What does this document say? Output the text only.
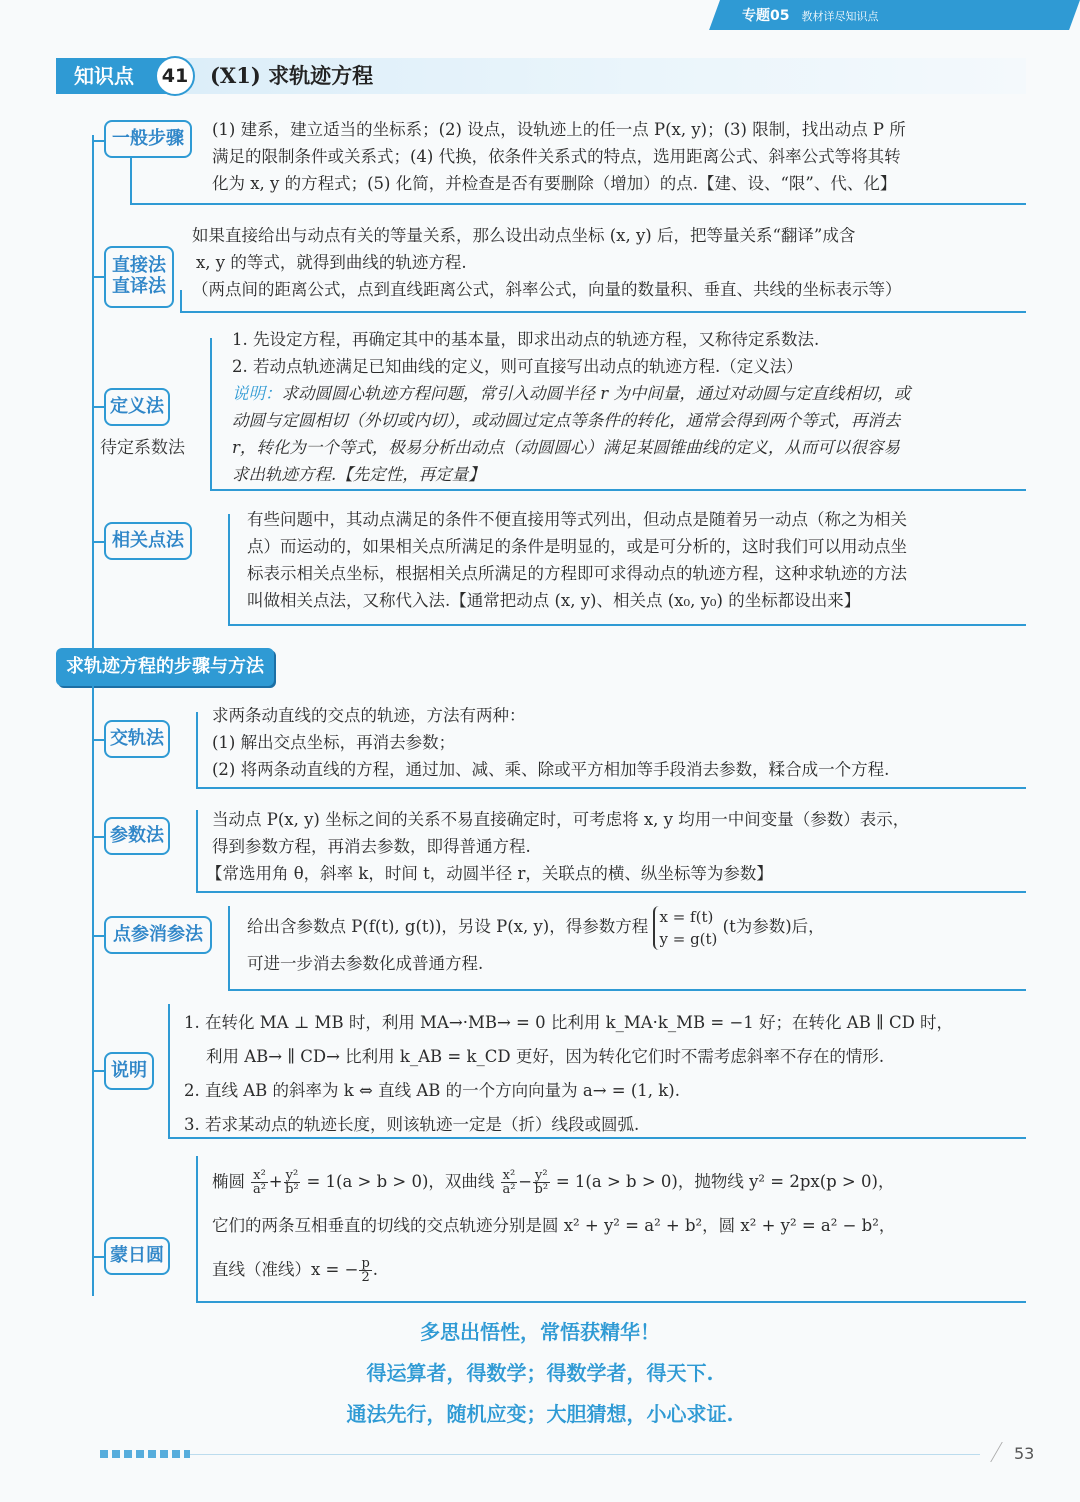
专题05 教材详尽知识点
知识点	41	(X1) 求轨迹方程
一般步骤	(1) 建系，建立适当的坐标系；(2) 设点，设轨迹上的任一点 P(x, y)；(3) 限制，找出动点 P 所

满足的限制条件或关系式；(4) 代换，依条件关系式的特点，选用距离公式、斜率公式等将其转

化为 x, y 的方程式；(5) 化简，并检查是否有要删除（增加）的点.【建、设、“限”、代、化】

直接法
直译法

如果直接给出与动点有关的等量关系，那么设出动点坐标 (x, y) 后，把等量关系“翻译”成含

x, y 的等式，就得到曲线的轨迹方程.

（两点间的距离公式，点到直线距离公式，斜率公式，向量的数量积、垂直、共线的坐标表示等）

定义法
待定系数法

1. 先设定方程，再确定其中的基本量，即求出动点的轨迹方程，又称待定系数法.

2. 若动点轨迹满足已知曲线的定义，则可直接写出动点的轨迹方程.（定义法）

说明：求动圆圆心轨迹方程问题，常引入动圆半径 r 为中间量，通过对动圆与定直线相切，或

动圆与定圆相切（外切或内切），或动圆过定点等条件的转化，通常会得到两个等式，再消去

r，转化为一个等式，极易分析出动点（动圆圆心）满足某圆锥曲线的定义，从而可以很容易

求出轨迹方程.【先定性，再定量】

相关点法

有些问题中，其动点满足的条件不便直接用等式列出，但动点是随着另一动点（称之为相关

点）而运动的，如果相关点所满足的条件是明显的，或是可分析的，这时我们可以用动点坐

标表示相关点坐标，根据相关点所满足的方程即可求得动点的轨迹方程，这种求轨迹的方法

叫做相关点法，又称代入法.【通常把动点 (x, y)、相关点 (x₀, y₀) 的坐标都设出来】

求轨迹方程的步骤与方法
交轨法

求两条动直线的交点的轨迹，方法有两种：

(1) 解出交点坐标，再消去参数；

(2) 将两条动直线的方程，通过加、减、乘、除或平方相加等手段消去参数，糅合成一个方程.

参数法

当动点 P(x, y) 坐标之间的关系不易直接确定时，可考虑将 x, y 均用一中间变量（参数）表示，

得到参数方程，再消去参数，即得普通方程.

【常选用角 θ，斜率 k，时间 t，动圆半径 r，关联点的横、纵坐标等为参数】

点参消参法	给出含参数点 P(f(t), g(t))，另设 P(x, y)，得参数方程
x = f(t)
y = g(t)
(t为参数)后，

可进一步消去参数化成普通方程.

说明

1. 在转化 MA ⊥ MB 时，利用 MA→·MB→ = 0 比利用 k_MA·k_MB = −1 好；在转化 AB ∥ CD 时，

利用 AB→ ∥ CD→ 比利用 k_AB = k_CD 更好，因为转化它们时不需考虑斜率不存在的情形.

2. 直线 AB 的斜率为 k ⇔ 直线 AB 的一个方向向量为 a→ = (1, k).

3. 若求某动点的轨迹长度，则该轨迹一定是（折）线段或圆弧.

蒙日圆

椭圆 $\frac{\text{x²}}{\text{a²}} + \frac{\text{y²}}{\text{b²}} = 1(a > b > 0)$，双曲线 $\frac{\text{x²}}{\text{a²}} - \frac{\text{y²}}{\text{b²}} = 1(a > b > 0)$，抛物线 y² = 2px(p > 0)，

它们的两条互相垂直的切线的交点轨迹分别是圆 x² + y² = a² + b²，圆 x² + y² = a² − b²，

直线（准线）x = − $\frac{p}{2}$ .

多思出悟性，常悟获精华！
得运算者，得数学；得数学者，得天下.
通法先行，随机应变；大胆猜想，小心求证.
53
